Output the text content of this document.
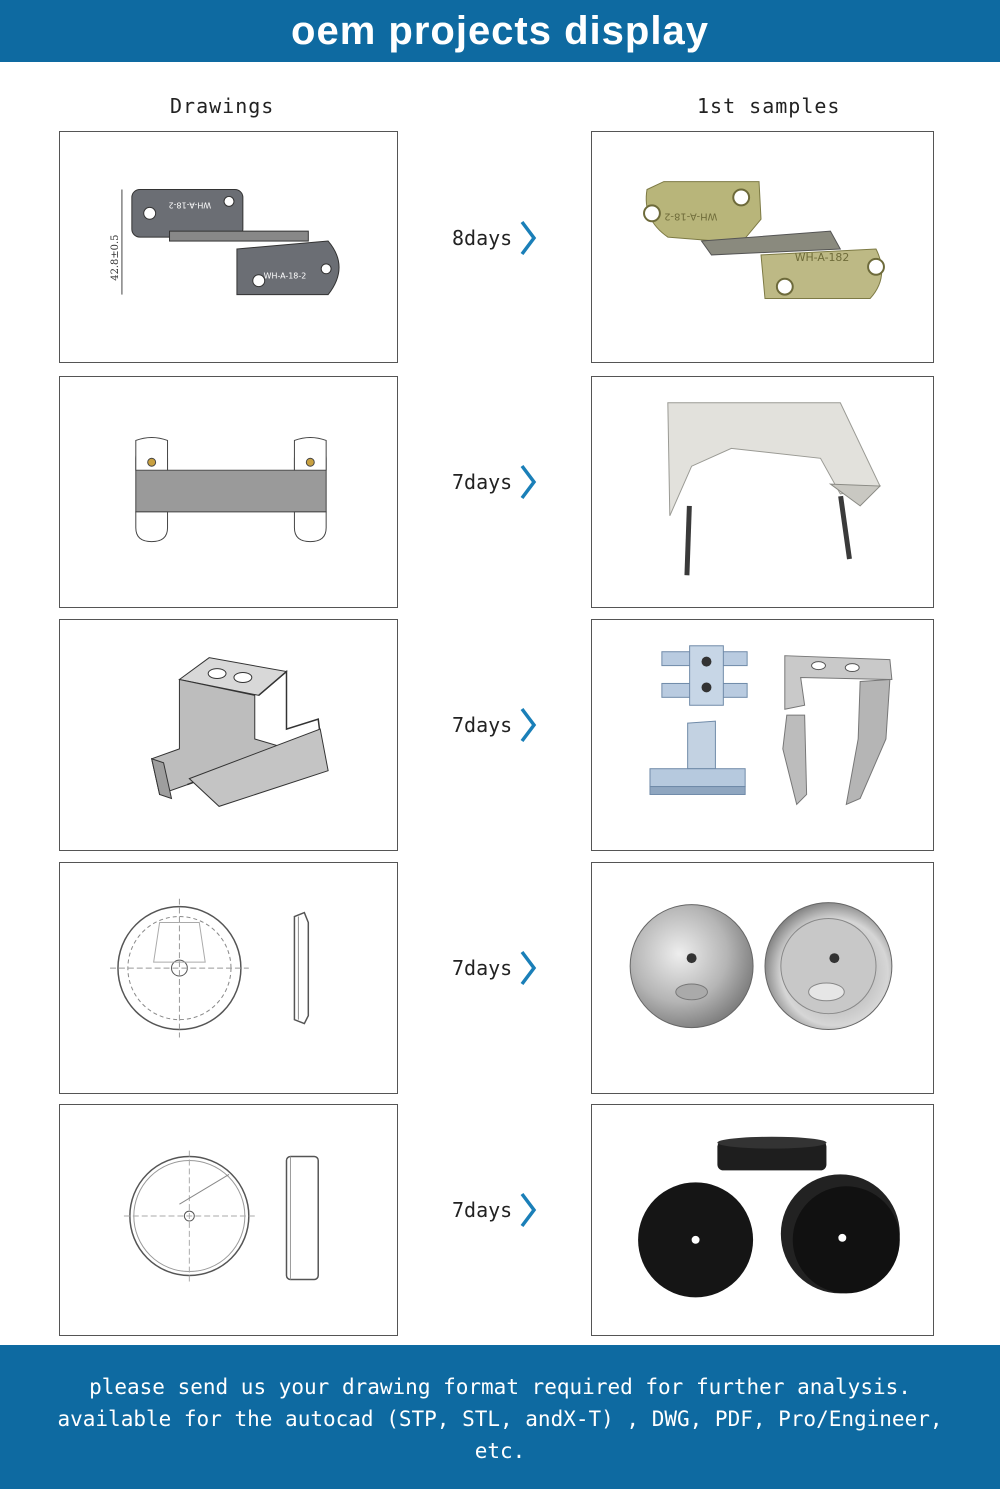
oem projects display
Drawings	1st samples
WH-A-18-2
WH-A-18-2
42.8±0.5	8days
WH-A-18-2
WH-A-182
7days
7days
7days
7days

please send us your drawing format required for further analysis.

available for the autocad (STP, STL, andX-T) , DWG, PDF, Pro/Engineer,

etc.
